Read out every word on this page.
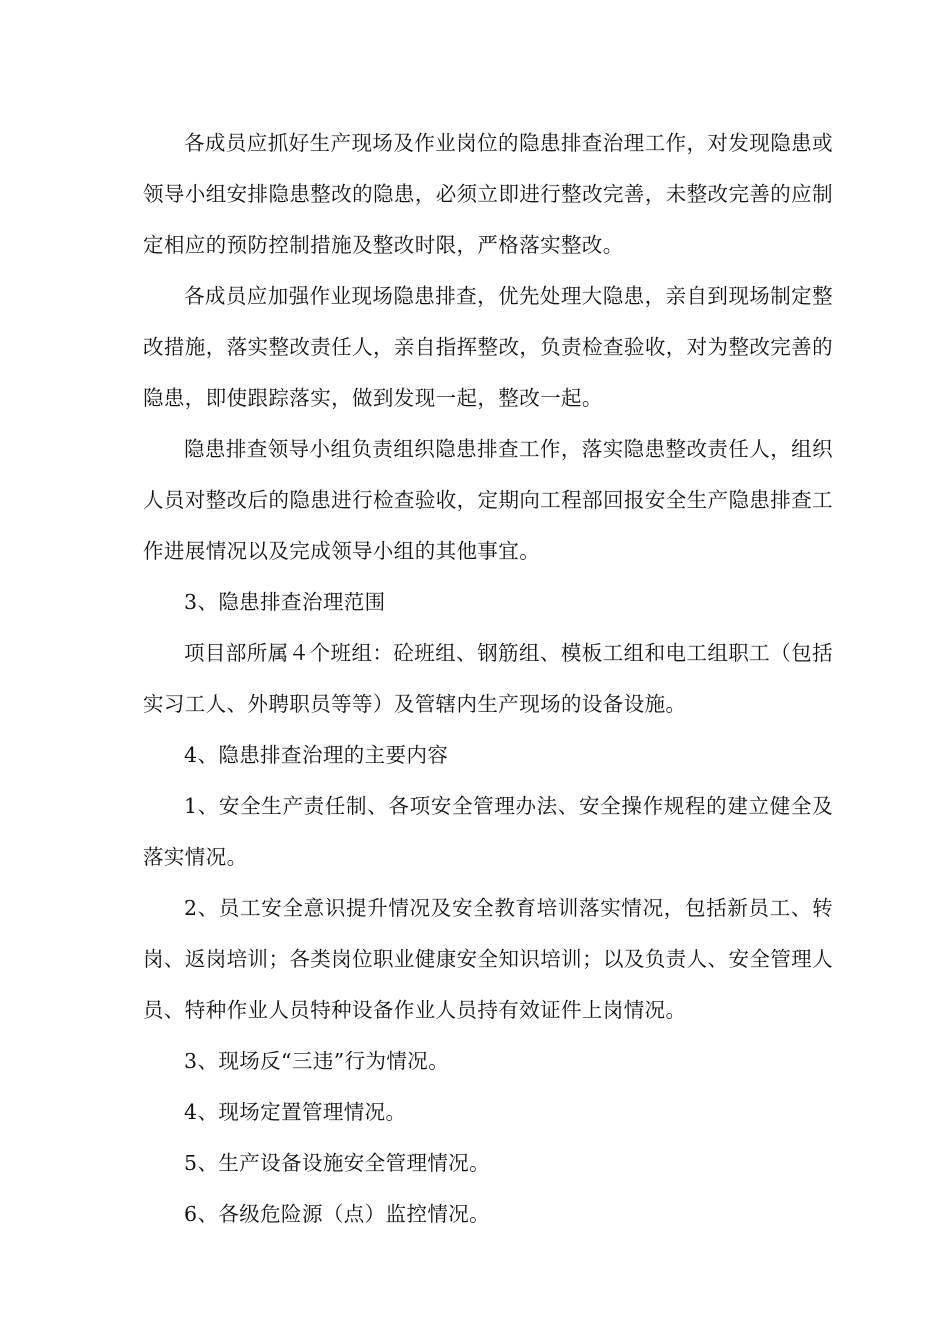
各成员应抓好生产现场及作业岗位的隐患排查治理工作，对发现隐患或领导小组安排隐患整改的隐患，必须立即进行整改完善，未整改完善的应制定相应的预防控制措施及整改时限，严格落实整改。

各成员应加强作业现场隐患排查，优先处理大隐患，亲自到现场制定整改措施，落实整改责任人，亲自指挥整改，负责检查验收，对为整改完善的隐患，即使跟踪落实，做到发现一起，整改一起。

隐患排查领导小组负责组织隐患排查工作，落实隐患整改责任人，组织人员对整改后的隐患进行检查验收，定期向工程部回报安全生产隐患排查工作进展情况以及完成领导小组的其他事宜。

3、隐患排查治理范围

项目部所属４个班组：砼班组、钢筋组、模板工组和电工组职工（包括实习工人、外聘职员等等）及管辖内生产现场的设备设施。

4、隐患排查治理的主要内容

1、安全生产责任制、各项安全管理办法、安全操作规程的建立健全及落实情况。

2、员工安全意识提升情况及安全教育培训落实情况，包括新员工、转岗、返岗培训；各类岗位职业健康安全知识培训；以及负责人、安全管理人员、特种作业人员特种设备作业人员持有效证件上岗情况。

3、现场反“三违”行为情况。

4、现场定置管理情况。

5、生产设备设施安全管理情况。

6、各级危险源（点）监控情况。
